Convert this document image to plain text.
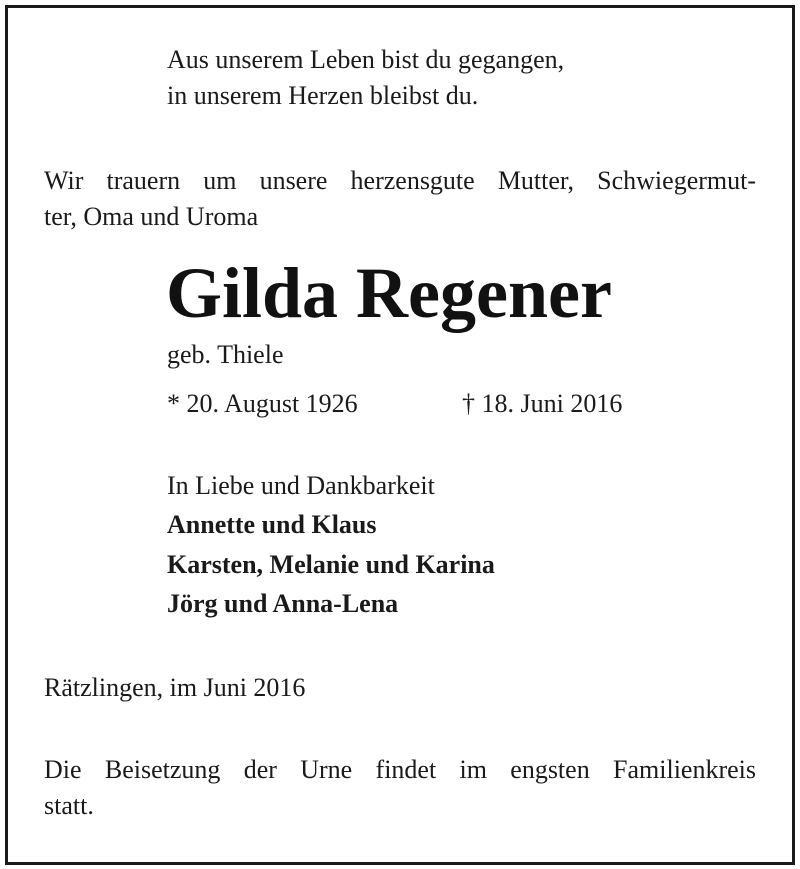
Aus unserem Leben bist du gegangen,
in unserem Herzen bleibst du.
Wir trauern um unsere herzensgute Mutter, Schwiegermut-
ter, Oma und Uroma
Gilda Regener
geb. Thiele
* 20. August 1926	† 18. Juni 2016
In Liebe und Dankbarkeit
Annette und Klaus
Karsten, Melanie und Karina
Jörg und Anna-Lena
Rätzlingen, im Juni 2016
Die Beisetzung der Urne findet im engsten Familienkreis
statt.
